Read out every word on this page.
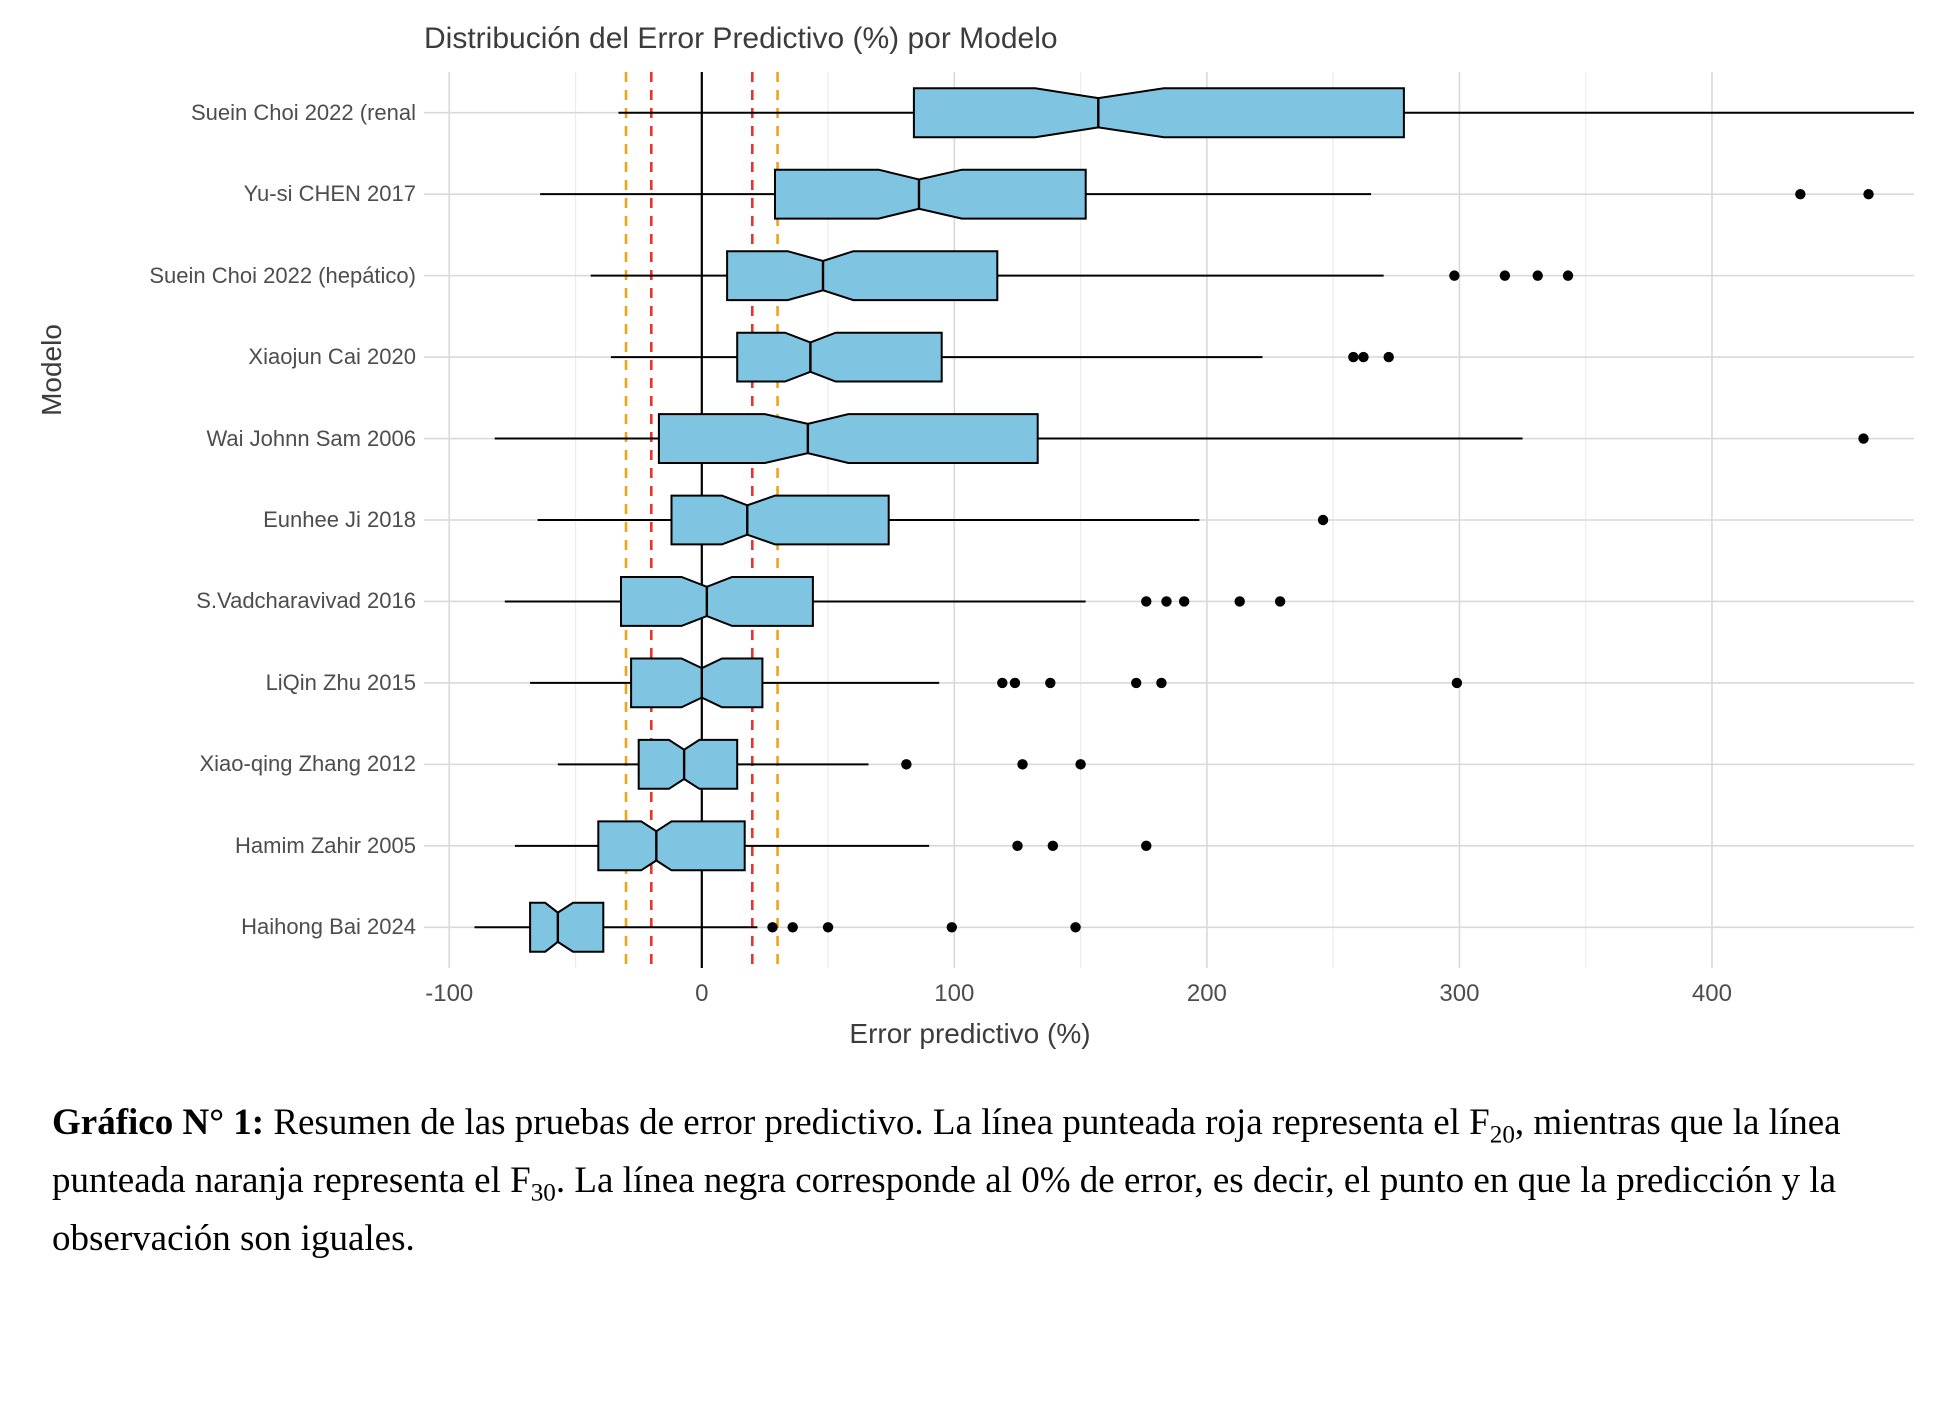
Distribución del Error Predictivo (%) por Modelo
Modelo
Suein Choi 2022 (renal
Yu-si CHEN 2017
Suein Choi 2022 (hepático)
Xiaojun Cai 2020
Wai Johnn Sam 2006
Eunhee Ji 2018
S.Vadcharavivad 2016
LiQin Zhu 2015
Xiao-qing Zhang 2012
Hamim Zahir 2005
Haihong Bai 2024
Error predictivo (%)
-100	0	100	200	300	400
Gráfico N° 1: Resumen de las pruebas de error predictivo. La línea punteada roja representa el $F_{20}$, mientras que la línea punteada naranja representa el $F_{30}$. La línea negra corresponde al 0% de error, es decir, el punto en que la predicción y la observación son iguales.
